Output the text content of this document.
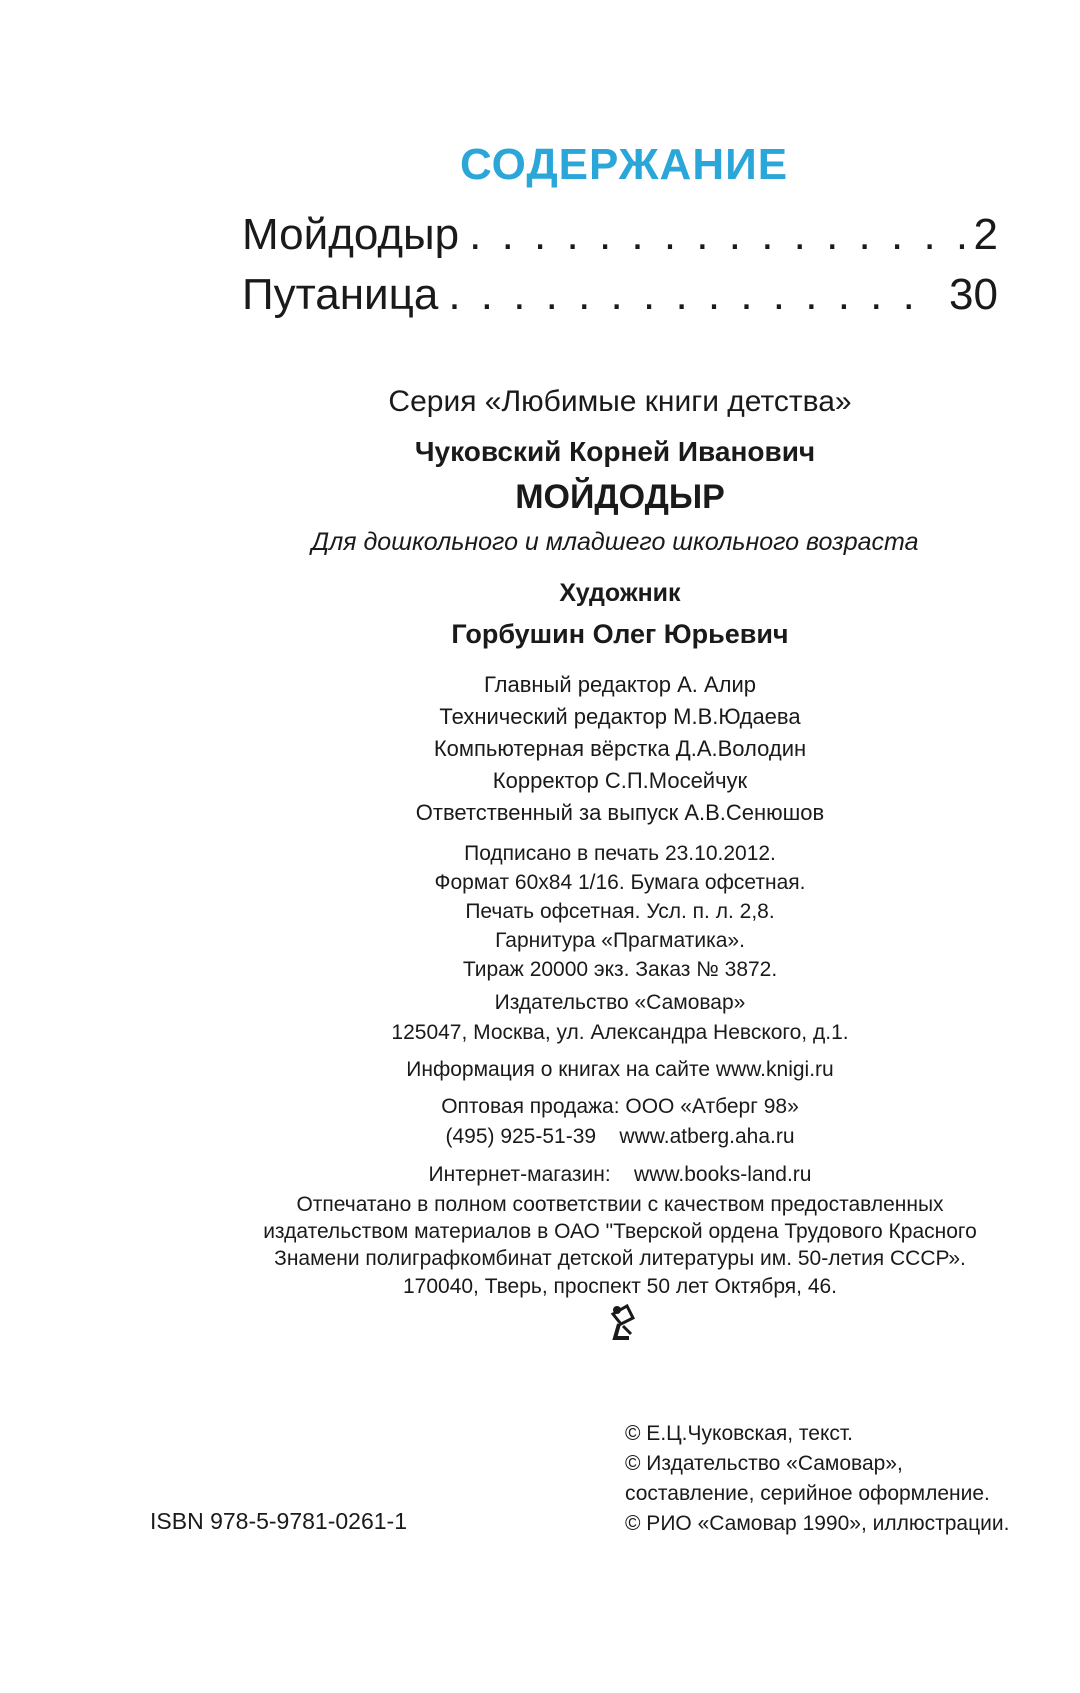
СОДЕРЖАНИЕ
Мойдодыр . . .	2
Путаница . . .	30
Серия «Любимые книги детства»
Чуковский Корней Иванович
МОЙДОДЫР
Для дошкольного и младшего школьного возраста
Художник
Горбушин Олег Юрьевич
Главный редактор А. Алир
Технический редактор М.В.Юдаева
Компьютерная вёрстка Д.А.Володин
Корректор С.П.Мосейчук
Ответственный за выпуск А.В.Сенюшов
Подписано в печать 23.10.2012.
Формат 60х84 1/16. Бумага офсетная.
Печать офсетная. Усл. п. л. 2,8.
Гарнитура «Прагматика».
Тираж 20000 экз. Заказ № 3872.
Издательство «Самовар»
125047, Москва, ул. Александра Невского, д.1.
Информация о книгах на сайте www.knigi.ru
Оптовая продажа: ООО «Атберг 98»
(495) 925-51-39    www.atberg.aha.ru
Интернет-магазин:    www.books-land.ru
Отпечатано в полном соответствии с качеством предоставленных
издательством материалов в ОАО "Тверской ордена Трудового Красного
Знамени полиграфкомбинат детской литературы им. 50-летия СССР».
170040, Тверь, проспект 50 лет Октября, 46.
© Е.Ц.Чуковская, текст.
© Издательство «Самовар»,
составление, серийное оформление.
© РИО «Самовар 1990», иллюстрации.
ISBN 978-5-9781-0261-1
